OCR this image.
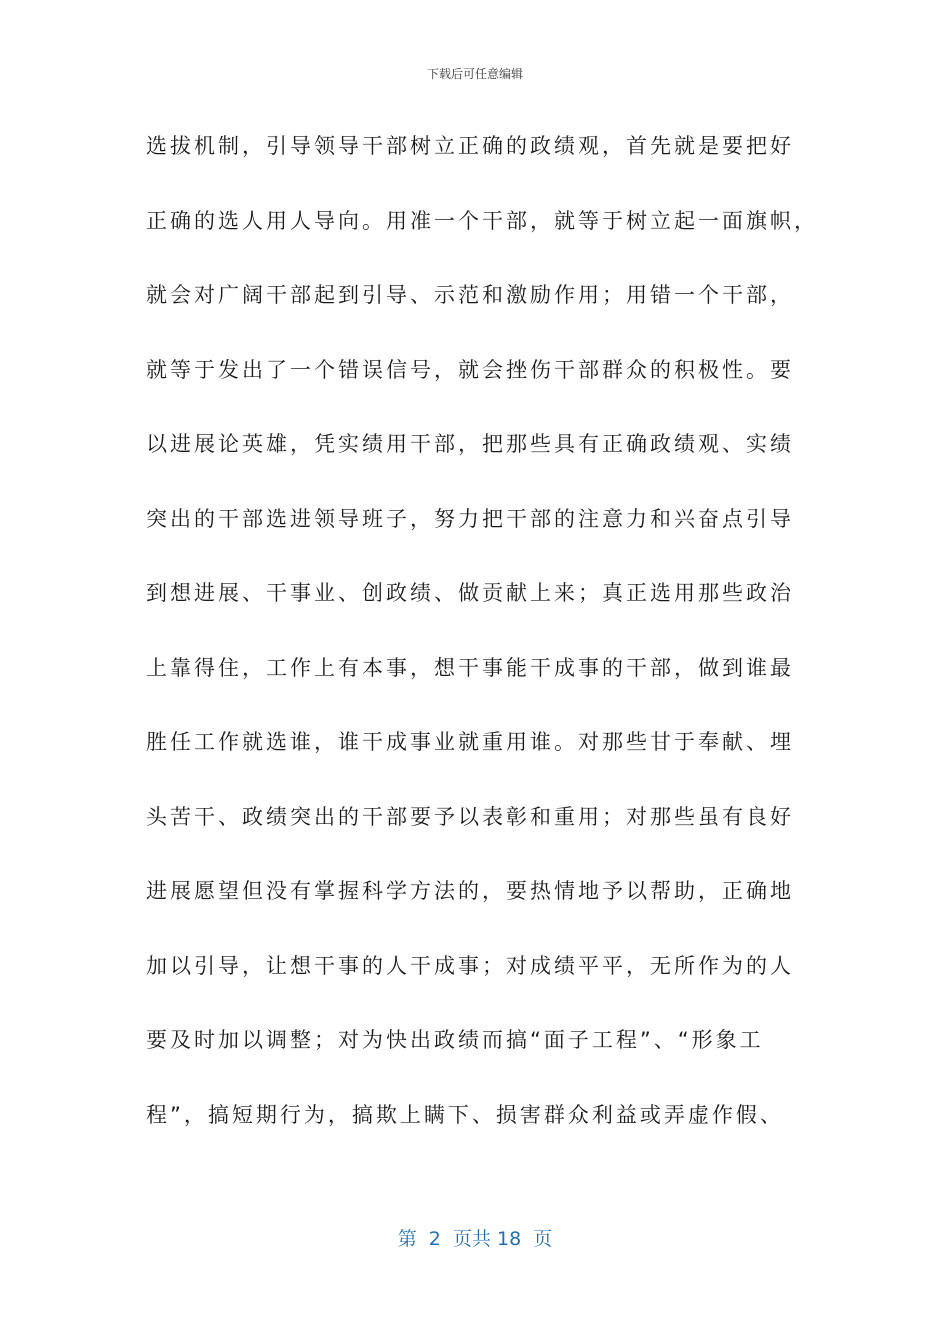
下载后可任意编辑
选拔机制，引导领导干部树立正确的政绩观，首先就是要把好
正确的选人用人导向。用准一个干部，就等于树立起一面旗帜，
就会对广阔干部起到引导、示范和激励作用；用错一个干部，
就等于发出了一个错误信号，就会挫伤干部群众的积极性。要
以进展论英雄，凭实绩用干部，把那些具有正确政绩观、实绩
突出的干部选进领导班子，努力把干部的注意力和兴奋点引导
到想进展、干事业、创政绩、做贡献上来；真正选用那些政治
上靠得住，工作上有本事，想干事能干成事的干部，做到谁最
胜任工作就选谁，谁干成事业就重用谁。对那些甘于奉献、埋
头苦干、政绩突出的干部要予以表彰和重用；对那些虽有良好
进展愿望但没有掌握科学方法的，要热情地予以帮助，正确地
加以引导，让想干事的人干成事；对成绩平平，无所作为的人
要及时加以调整；对为快出政绩而搞“面子工程”、“形象工
程”，搞短期行为，搞欺上瞒下、损害群众利益或弄虚作假、
第  2  页共 18  页
